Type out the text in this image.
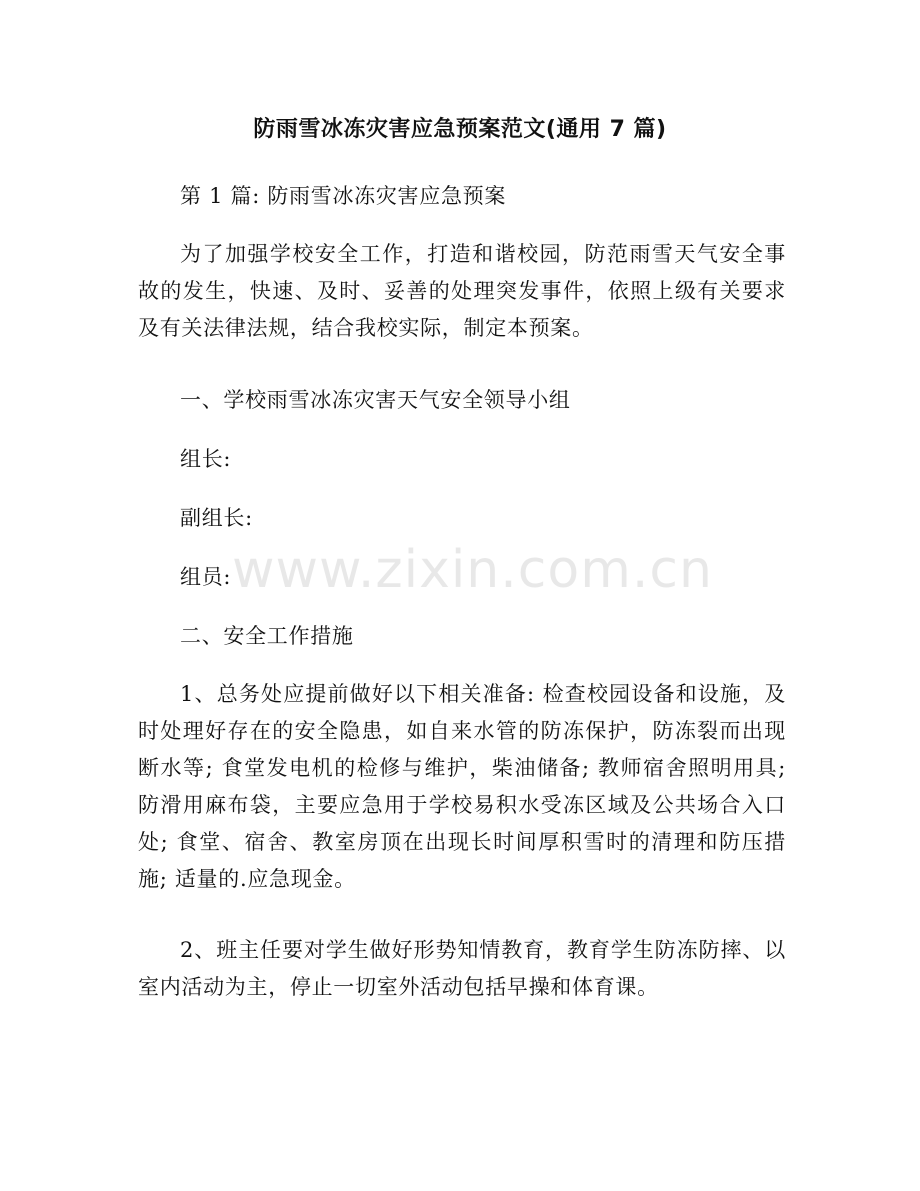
防雨雪冰冻灾害应急预案范文(通用 7 篇)
第 1 篇: 防雨雪冰冻灾害应急预案
为了加强学校安全工作，打造和谐校园，防范雨雪天气安全事故的发生，快速、及时、妥善的处理突发事件，依照上级有关要求及有关法律法规，结合我校实际，制定本预案。
一、学校雨雪冰冻灾害天气安全领导小组
组长:
副组长:
组员:
二、安全工作措施
1、总务处应提前做好以下相关准备: 检查校园设备和设施，及时处理好存在的安全隐患，如自来水管的防冻保护，防冻裂而出现断水等; 食堂发电机的检修与维护，柴油储备; 教师宿舍照明用具; 防滑用麻布袋，主要应急用于学校易积水受冻区域及公共场合入口处; 食堂、宿舍、教室房顶在出现长时间厚积雪时的清理和防压措施; 适量的.应急现金。
2、班主任要对学生做好形势知情教育，教育学生防冻防摔、以室内活动为主，停止一切室外活动包括早操和体育课。
www.zixin.com.cn
